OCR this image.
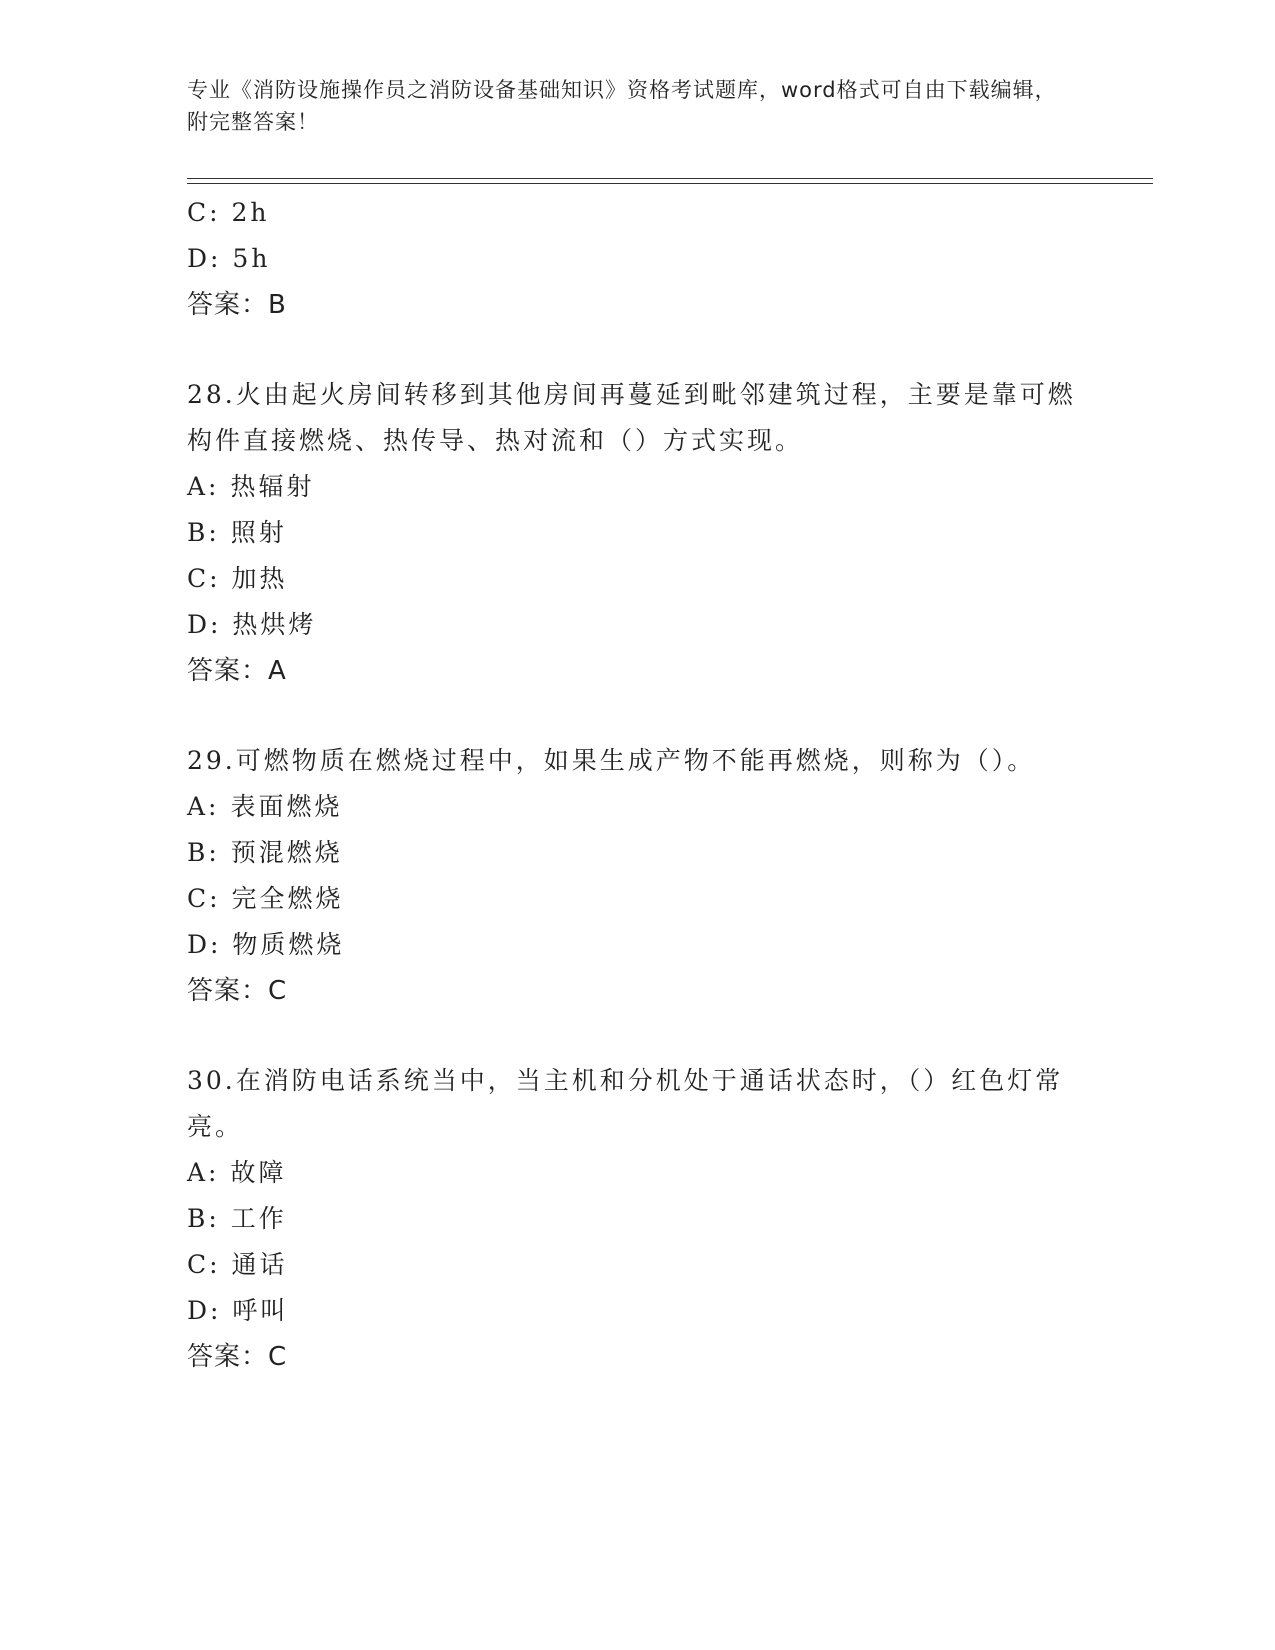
专业《消防设施操作员之消防设备基础知识》资格考试题库，word格式可自由下载编辑，附完整答案！
C: 2h
D: 5h
答案：B
28.火由起火房间转移到其他房间再蔓延到毗邻建筑过程，主要是靠可燃构件直接燃烧、热传导、热对流和（）方式实现。
A: 热辐射
B: 照射
C: 加热
D: 热烘烤
答案：A
29.可燃物质在燃烧过程中，如果生成产物不能再燃烧，则称为（）。
A: 表面燃烧
B: 预混燃烧
C: 完全燃烧
D: 物质燃烧
答案：C
30.在消防电话系统当中，当主机和分机处于通话状态时，（）红色灯常亮。
A: 故障
B: 工作
C: 通话
D: 呼叫
答案：C
